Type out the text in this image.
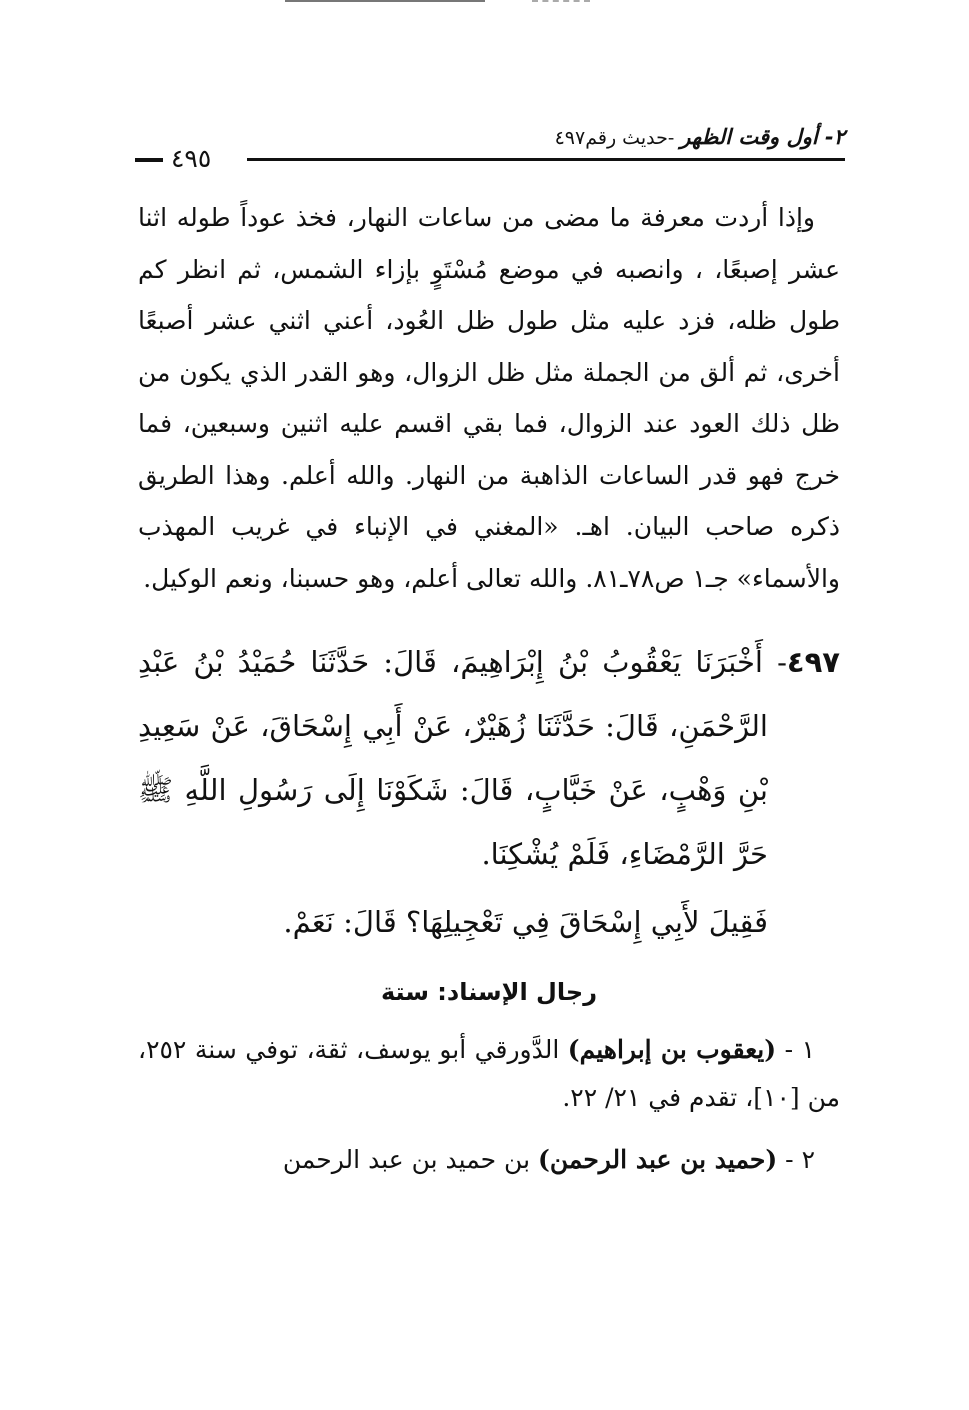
٢- أول وقت الظهر -حديث رقم٤٩٧
٤٩٥

وإذا أردت معرفة ما مضى من ساعات النهار، فخذ عوداً طوله اثنا عشر إصبعًا، ، وانصبه في موضع مُسْتَوٍ بإزاء الشمس، ثم انظر كم طول ظله، فزد عليه مثل طول ظل العُود، أعني اثني عشر أصبعًا أخرى، ثم ألق من الجملة مثل ظل الزوال، وهو القدر الذي يكون من ظل ذلك العود عند الزوال، فما بقي اقسم عليه اثنين وسبعين، فما خرج فهو قدر الساعات الذاهبة من النهار. والله أعلم. وهذا الطريق ذكره صاحب البيان. اهـ. «المغني في الإنباء في غريب المهذب والأسماء» جـ١ ص٧٨ـ٨١. والله تعالى أعلم، وهو حسبنا، ونعم الوكيل.

٤٩٧- أَخْبَرَنَا يَعْقُوبُ بْنُ إِبْرَاهِيمَ، قَالَ: حَدَّثَنَا حُمَيْدُ بْنُ عَبْدِ الرَّحْمَنِ، قَالَ: حَدَّثَنَا زُهَيْرٌ، عَنْ أَبِي إِسْحَاقَ، عَنْ سَعِيدِ بْنِ وَهْبٍ، عَنْ خَبَّابٍ، قَالَ: شَكَوْنَا إِلَى رَسُولِ اللَّهِ ﷺ حَرَّ الرَّمْضَاءِ، فَلَمْ يُشْكِنَا.

فَقِيلَ لأَبِي إِسْحَاقَ فِي تَعْجِيلِهَا؟ قَالَ: نَعَمْ.

رجال الإسناد: ستة

١ - (يعقوب بن إبراهيم) الدَّورقي أبو يوسف، ثقة، توفي سنة ٢٥٢، من [١٠]، تقدم في ٢١/ ٢٢.

٢ - (حميد بن عبد الرحمن) بن حميد بن عبد الرحمن
